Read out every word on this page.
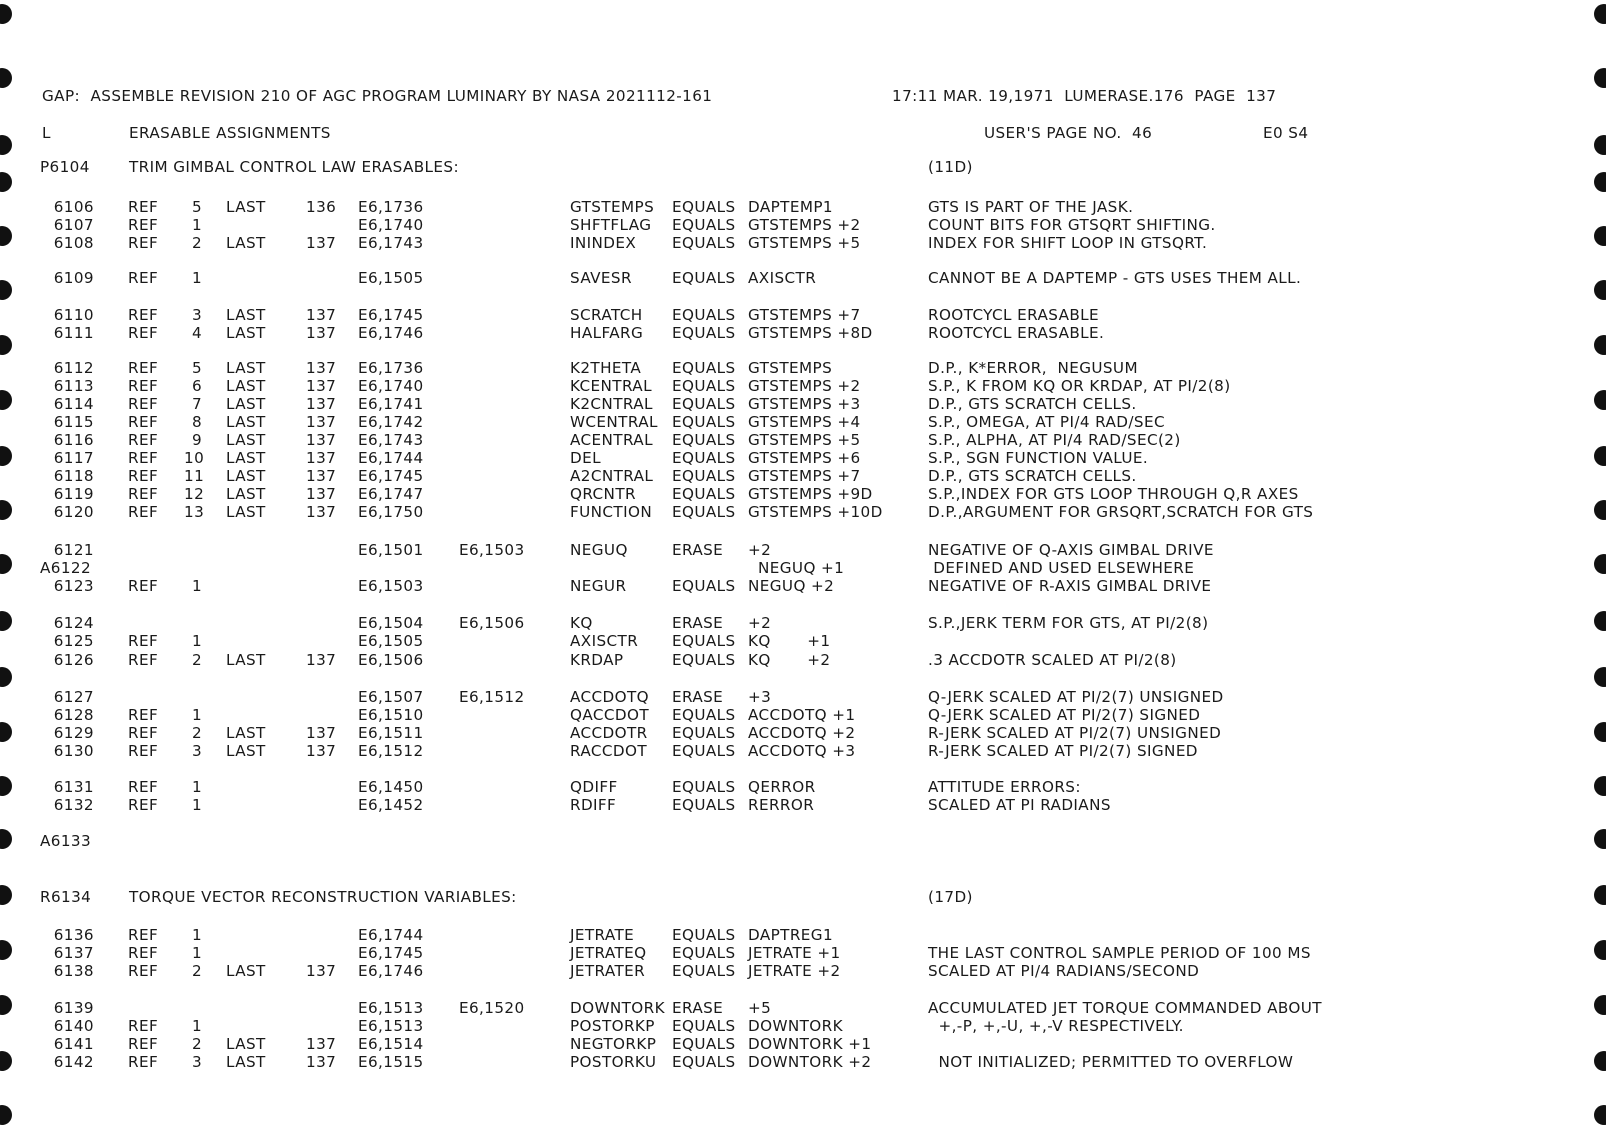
GAP:  ASSEMBLE REVISION 210 OF AGC PROGRAM LUMINARY BY NASA 2021112-161

	17:11 MAR. 19,1971  LUMERASE.176  PAGE  137

L

	ERASABLE ASSIGNMENTS

	USER'S PAGE NO.  46

	E0 S4

P6104	TRIM GIMBAL CONTROL LAW ERASABLES:	(11D)
6106 REF 5 LAST	136 E6,1736	GTSTEMPS EQUALS DAPTEMP1	GTS IS PART OF THE JASK.
6107 REF 1	E6,1740	SHFTFLAG EQUALS GTSTEMPS +2	COUNT BITS FOR GTSQRT SHIFTING.
6108 REF 2 LAST	137 E6,1743	ININDEX EQUALS GTSTEMPS +5	INDEX FOR SHIFT LOOP IN GTSQRT.
6109 REF 1	E6,1505	SAVESR	EQUALS AXISCTR	CANNOT BE A DAPTEMP - GTS USES THEM ALL.
6110 REF 3 LAST	137 E6,1745	SCRATCH EQUALS GTSTEMPS +7	ROOTCYCL ERASABLE
6111 REF 4 LAST	137 E6,1746	HALFARG EQUALS GTSTEMPS +8D	ROOTCYCL ERASABLE.
6112 REF 5 LAST	137 E6,1736	K2THETA EQUALS GTSTEMPS	D.P., K*ERROR,  NEGUSUM
6113 REF 6 LAST	137 E6,1740	KCENTRAL EQUALS GTSTEMPS +2	S.P., K FROM KQ OR KRDAP, AT PI/2(8)
6114 REF 7 LAST	137 E6,1741	K2CNTRAL EQUALS GTSTEMPS +3	D.P., GTS SCRATCH CELLS.
6115 REF 8 LAST	137 E6,1742	WCENTRAL EQUALS GTSTEMPS +4	S.P., OMEGA, AT PI/4 RAD/SEC
6116 REF 9 LAST	137 E6,1743	ACENTRAL EQUALS GTSTEMPS +5	S.P., ALPHA, AT PI/4 RAD/SEC(2)
6117 REF 10 LAST	137 E6,1744	DEL	EQUALS GTSTEMPS +6	S.P., SGN FUNCTION VALUE.
6118 REF 11 LAST	137 E6,1745	A2CNTRAL EQUALS GTSTEMPS +7	D.P., GTS SCRATCH CELLS.
6119 REF 12 LAST	137 E6,1747	QRCNTR EQUALS GTSTEMPS +9D	S.P.,INDEX FOR GTS LOOP THROUGH Q,R AXES
6120 REF 13 LAST	137 E6,1750	FUNCTION EQUALS GTSTEMPS +10D	D.P.,ARGUMENT FOR GRSQRT,SCRATCH FOR GTS
6121	E6,1501 E6,1503	NEGUQ	ERASE +2	NEGATIVE OF Q-AXIS GIMBAL DRIVE
A6122	NEGUQ +1	DEFINED AND USED ELSEWHERE
6123 REF 1	E6,1503	NEGUR	EQUALS NEGUQ +2	NEGATIVE OF R-AXIS GIMBAL DRIVE
6124	E6,1504 E6,1506	KQ	ERASE +2	S.P.,JERK TERM FOR GTS, AT PI/2(8)
6125 REF 1	E6,1505	AXISCTR EQUALS KQ       +1
6126 REF 2 LAST	137 E6,1506	KRDAP	EQUALS KQ       +2	.3 ACCDOTR SCALED AT PI/2(8)
6127	E6,1507 E6,1512	ACCDOTQ ERASE +3	Q-JERK SCALED AT PI/2(7) UNSIGNED
6128 REF 1	E6,1510	QACCDOT EQUALS ACCDOTQ +1	Q-JERK SCALED AT PI/2(7) SIGNED
6129 REF 2 LAST	137 E6,1511	ACCDOTR EQUALS ACCDOTQ +2	R-JERK SCALED AT PI/2(7) UNSIGNED
6130 REF 3 LAST	137 E6,1512	RACCDOT EQUALS ACCDOTQ +3	R-JERK SCALED AT PI/2(7) SIGNED
6131 REF 1	E6,1450	QDIFF	EQUALS QERROR	ATTITUDE ERRORS:
6132 REF 1	E6,1452	RDIFF	EQUALS RERROR	SCALED AT PI RADIANS
A6133
R6134 TORQUE VECTOR RECONSTRUCTION VARIABLES:	(17D)
6136 REF 1	E6,1744	JETRATE EQUALS DAPTREG1
6137 REF 1	E6,1745	JETRATEQ EQUALS JETRATE +1	THE LAST CONTROL SAMPLE PERIOD OF 100 MS
6138 REF 2 LAST	137 E6,1746	JETRATER EQUALS JETRATE +2	SCALED AT PI/4 RADIANS/SECOND
6139	E6,1513 E6,1520	DOWNTORK ERASE +5	ACCUMULATED JET TORQUE COMMANDED ABOUT
6140 REF 1	E6,1513	POSTORKP EQUALS DOWNTORK	+,-P, +,-U, +,-V RESPECTIVELY.
6141 REF 2 LAST	137 E6,1514	NEGTORKP EQUALS DOWNTORK +1
6142 REF 3 LAST	137 E6,1515	POSTORKU EQUALS DOWNTORK +2	NOT INITIALIZED; PERMITTED TO OVERFLOW
